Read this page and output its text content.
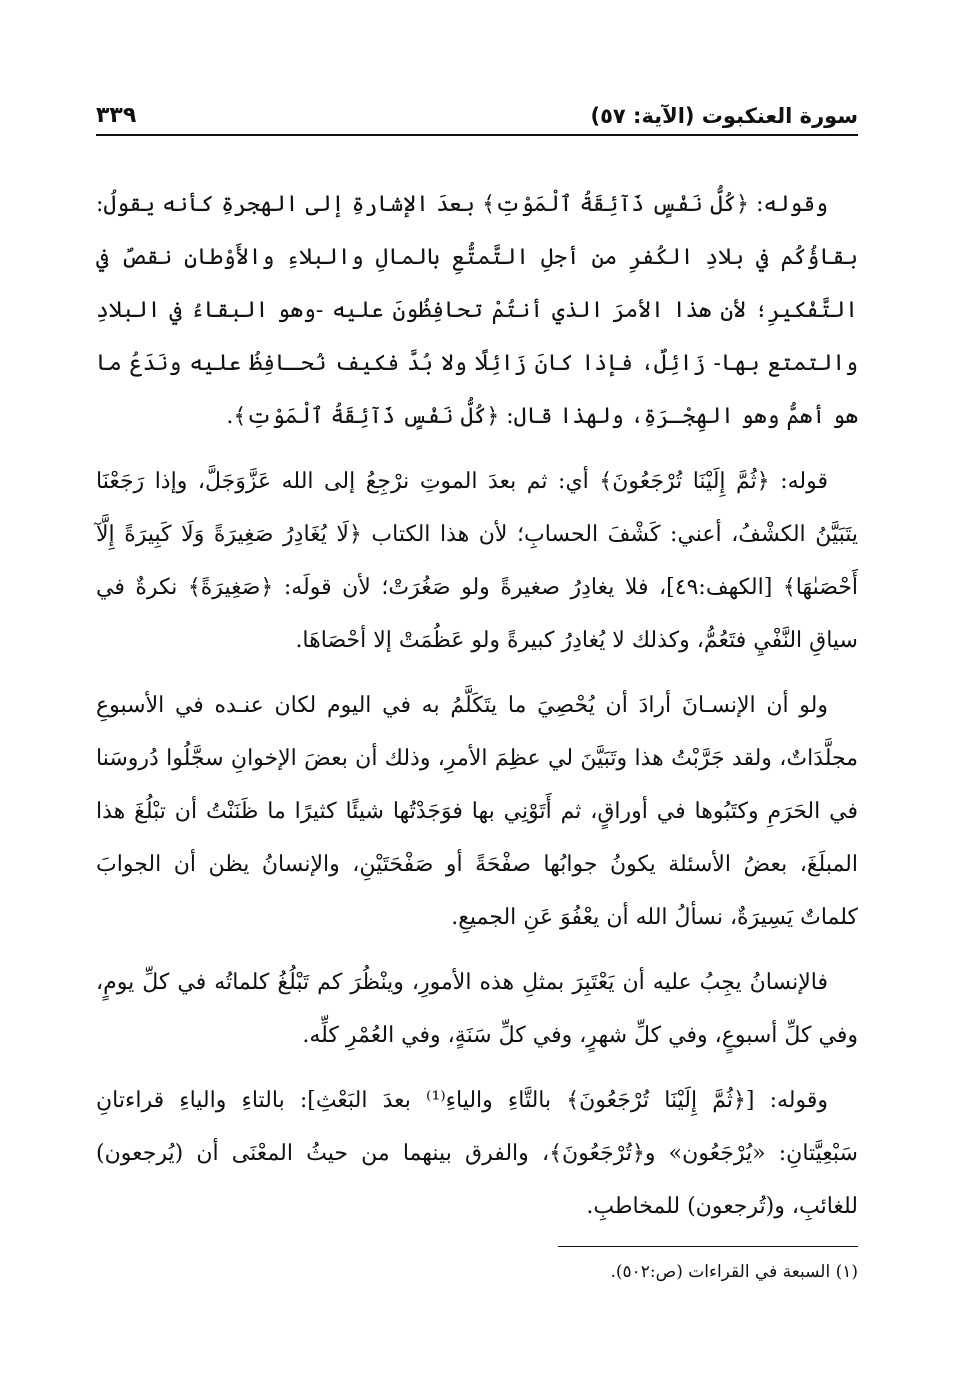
سورة العنكبوت (الآية: ٥٧)
٣٣٩

وقوله: ﴿كُلُّ نَفْسٍ ذَآئِقَةُ ٱلْمَوْتِ﴾ بعدَ الإشارةِ إلى الهجرةِ كأنه يقولُ: بقاؤُكُم في بلادِ الكُفرِ من أجلِ التَّمتُّعِ بالمالِ والبلاءِ والأَوْطانِ نقصٌ في التَّفْكيرِ؛ لأن هذا الأمرَ الذي أنتُمْ تحافِظُونَ عليه -وهو البقاءُ في البلادِ والتمتع بها- زَائِلٌ، فإذا كانَ زَائِلًا ولا بُدَّ فكيف نُحـافِظُ عليه ونَدَعُ ما هو أهمُّ وهو الهِجْـرَةِ، ولهذا قال: ﴿كُلُّ نَفْسٍ ذَآئِقَةُ ٱلْمَوْتِ﴾.

قوله: ﴿ثُمَّ إِلَيْنَا تُرْجَعُونَ﴾ أي: ثم بعدَ الموتِ نرْجِعُ إلى الله عَزَّوَجَلَّ، وإذا رَجَعْنَا يتَبَيَّنُ الكشْفُ، أعني: كَشْفَ الحسابِ؛ لأن هذا الكتاب ﴿لَا يُغَادِرُ صَغِيرَةً وَلَا كَبِيرَةً إِلَّآ أَحْصَىٰهَا﴾ [الكهف:٤٩]، فلا يغادِرُ صغيرةً ولو صَغُرَتْ؛ لأن قولَه: ﴿صَغِيرَةً﴾ نكرةٌ في سياقِ النَّفْيِ فتَعُمُّ، وكذلك لا يُغادِرُ كبيرةً ولو عَظُمَتْ إلا أحْصَاهَا.

ولو أن الإنسـانَ أرادَ أن يُحْصِيَ ما يتَكَلَّمُ به في اليوم لكان عنـده في الأسبوعِ مجلَّدَاتٌ، ولقد جَرَّبْتُ هذا وتَبَيَّنَ لي عظِمَ الأمرِ، وذلك أن بعضَ الإخوانِ سجَّلُوا دُروسَنا في الحَرَمِ وكتَبُوها في أوراقٍ، ثم أَتَوْنِي بها فوَجَدْتُها شيئًا كثيرًا ما ظَنَنْتُ أن تبْلُغَ هذا المبلَغَ، بعضُ الأسئلة يكونُ جوابُها صفْحَةً أو صَفْحَتَيْنِ، والإنسانُ يظن أن الجوابَ كلماتٌ يَسِيرَةٌ، نسألُ الله أن يعْفُوَ عَنِ الجميعِ.

فالإنسانُ يجِبُ عليه أن يَعْتَبِرَ بمثلِ هذه الأمورِ، وينْظُرَ كم تَبْلُغُ كلماتُه في كلِّ يومٍ، وفي كلِّ أسبوعٍ، وفي كلِّ شهرٍ، وفي كلِّ سَنَةٍ، وفي العُمْرِ كلِّه.

وقوله: [﴿ثُمَّ إِلَيْنَا تُرْجَعُونَ﴾ بالتَّاءِ والياءِ⁽¹⁾ بعدَ البَعْثِ]: بالتاءِ والياءِ قراءتانِ سَبْعِيَّتانِ: «يُرْجَعُون» و﴿تُرْجَعُونَ﴾، والفرق بينهما من حيثُ المعْنَى أن (يُرجعون) للغائبِ، و(تُرجعون) للمخاطبِ.

(١) السبعة في القراءات (ص:٥٠٢).
